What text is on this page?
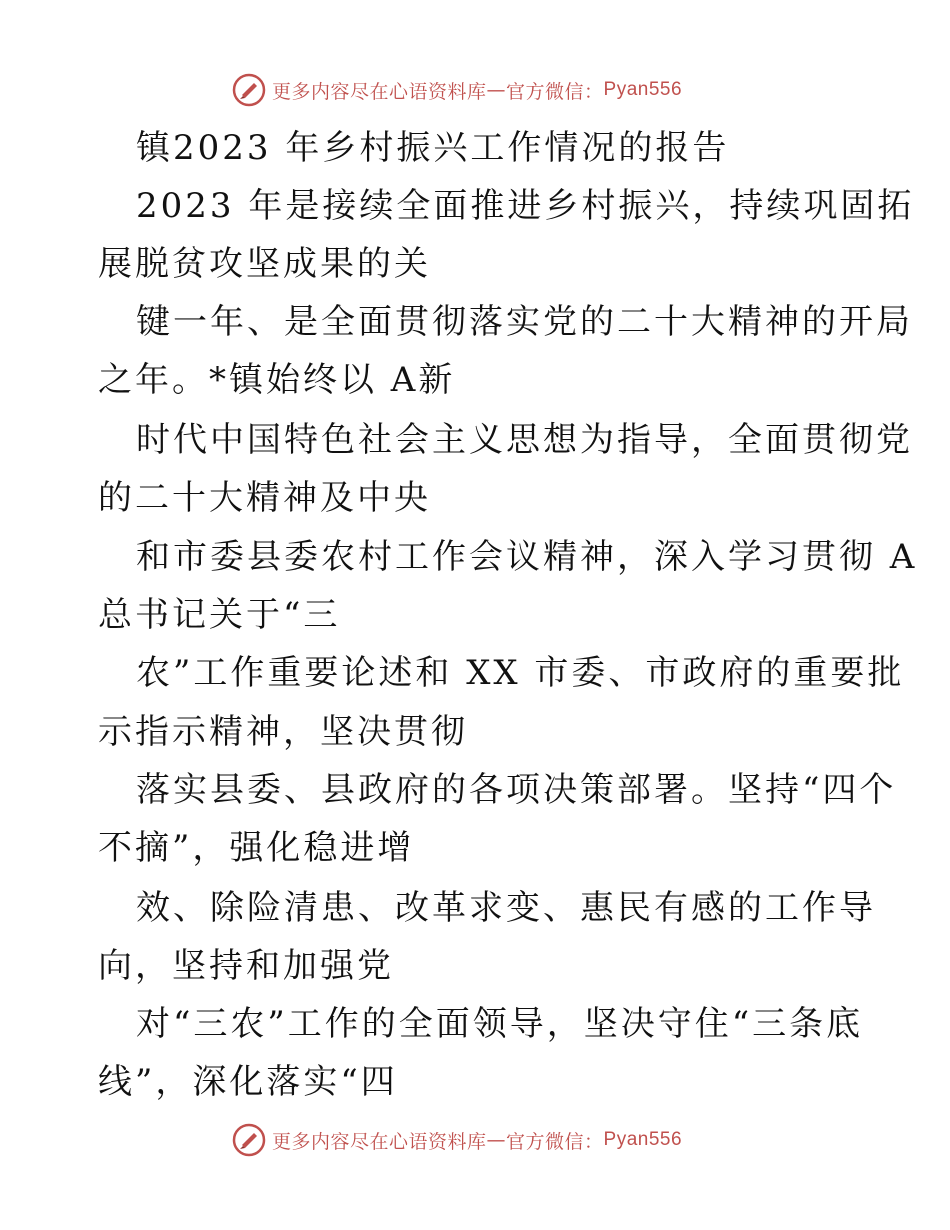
更多内容尽在心语资料库 — 官方微信： Pyan556
镇2023 年乡村振兴工作情况的报告
2023 年是接续全面推进乡村振兴，持续巩固拓
展脱贫攻坚成果的关
键一年、是全面贯彻落实党的二十大精神的开局
之年。*镇始终以 A新
时代中国特色社会主义思想为指导，全面贯彻党
的二十大精神及中央
和市委县委农村工作会议精神，深入学习贯彻 A
总书记关于“三
农”工作重要论述和 XX 市委、市政府的重要批
示指示精神，坚决贯彻
落实县委、县政府的各项决策部署。坚持“四个
不摘”，强化稳进增
效、除险清患、改革求变、惠民有感的工作导
向，坚持和加强党
对“三农”工作的全面领导，坚决守住“三条底
线”，深化落实“四
更多内容尽在心语资料库 — 官方微信： Pyan556
